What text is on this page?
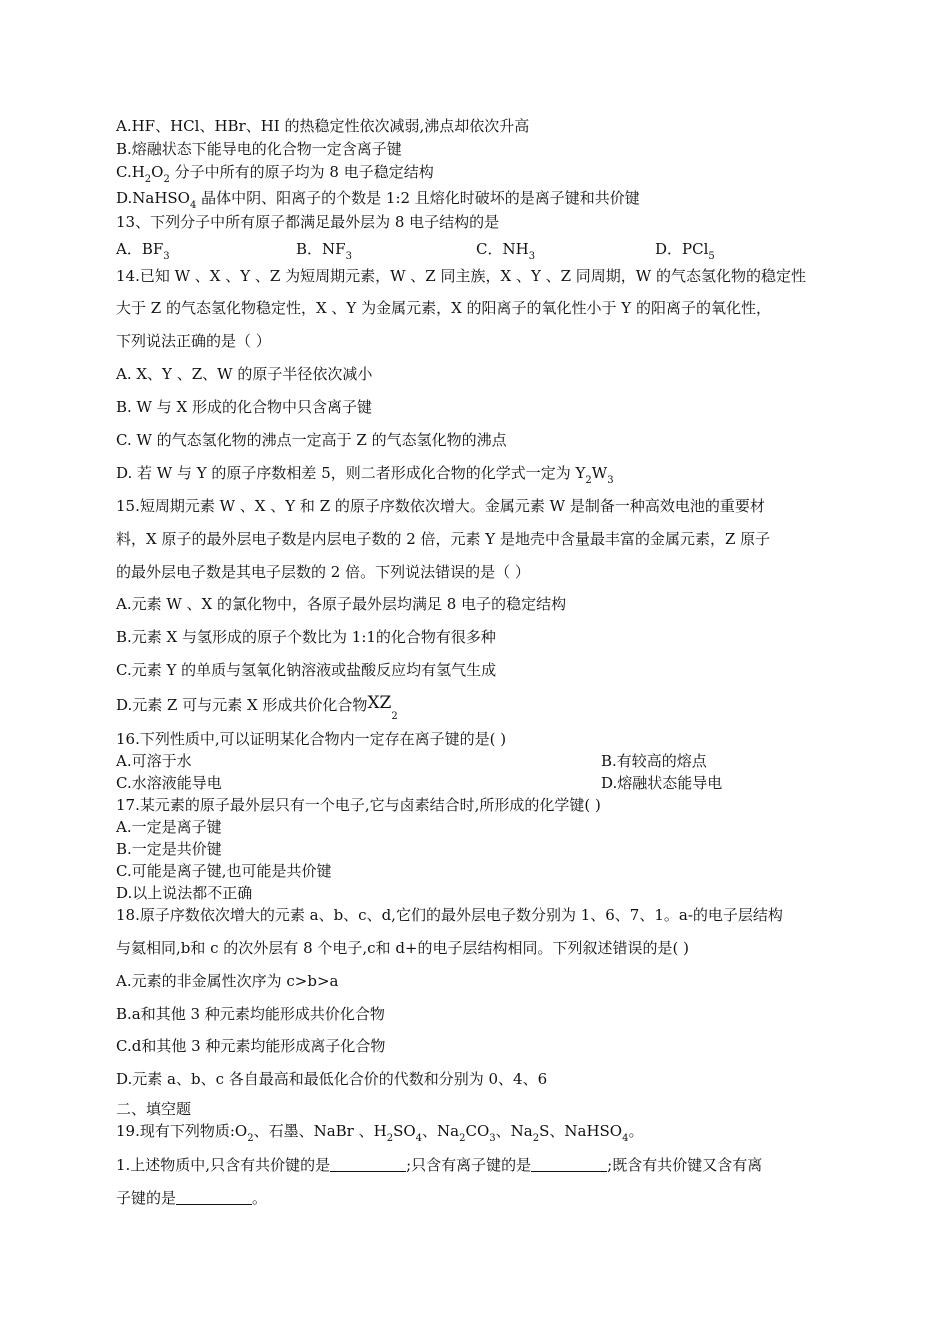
A.HF、HCl、HBr、HI 的热稳定性依次减弱,沸点却依次升高
B.熔融状态下能导电的化合物一定含离子键
$C.H_2O_2$ 分子中所有的原子均为 8 电子稳定结构
D.NaHSO$_4$ 晶体中阴、阳离子的个数是 1:2 且熔化时破坏的是离子键和共价键
13、下列分子中所有原子都满足最外层为 8 电子结构的是
A．$BF_3$	B．$NF_3$	C．$NH_3$	D．PCl$_5$
14.已知 W 、X 、Y 、Z 为短周期元素，W 、Z 同主族，X 、Y 、Z 同周期，W 的气态氢化物的稳定性
大于 Z 的气态氢化物稳定性，X 、Y 为金属元素，X 的阳离子的氧化性小于 Y 的阳离子的氧化性，
下列说法正确的是（ ）
A. X、Y 、Z、W 的原子半径依次减小
B. W 与 X 形成的化合物中只含离子键
C. W 的气态氢化物的沸点一定高于 Z 的气态氢化物的沸点
D. 若 W 与 Y 的原子序数相差 5，则二者形成化合物的化学式一定为 $Y_2W_3$
15.短周期元素 W 、X 、Y 和 Z 的原子序数依次增大。金属元素 W 是制备一种高效电池的重要材
料，X 原子的最外层电子数是内层电子数的 2 倍，元素 Y 是地壳中含量最丰富的金属元素，Z 原子
的最外层电子数是其电子层数的 2 倍。下列说法错误的是（ ）
A.元素 W 、X 的氯化物中，各原子最外层均满足 8 电子的稳定结构
B.元素 X 与氢形成的原子个数比为 1:1的化合物有很多种
C.元素 Y 的单质与氢氧化钠溶液或盐酸反应均有氢气生成
D.元素 Z 可与元素 X 形成共价化合物$XZ_2$
16.下列性质中,可以证明某化合物内一定存在离子键的是( )
A.可溶于水	B.有较高的熔点
C.水溶液能导电	D.熔融状态能导电
17.某元素的原子最外层只有一个电子,它与卤素结合时,所形成的化学键( )
A.一定是离子键
B.一定是共价键
C.可能是离子键,也可能是共价键
D.以上说法都不正确
18.原子序数依次增大的元素 a、b、c、d,它们的最外层电子数分别为 1、6、7、1。a-的电子层结构
与氦相同,b和 c 的次外层有 8 个电子,c和 d+的电子层结构相同。下列叙述错误的是( )
A.元素的非金属性次序为 c>b>a
B.a和其他 3 种元素均能形成共价化合物
C.d和其他 3 种元素均能形成离子化合物
D.元素 a、b、c 各自最高和最低化合价的代数和分别为 0、4、6
二、填空题
19.现有下列物质$:O_2$、石墨、NaBr 、$H_2SO_4$、$Na_2CO_3$、$Na_2S$、NaHSO$_4$。
1.上述物质中,只含有共价键的是	;只含有离子键的是	;既含有共价键又含有离
子键的是	。
